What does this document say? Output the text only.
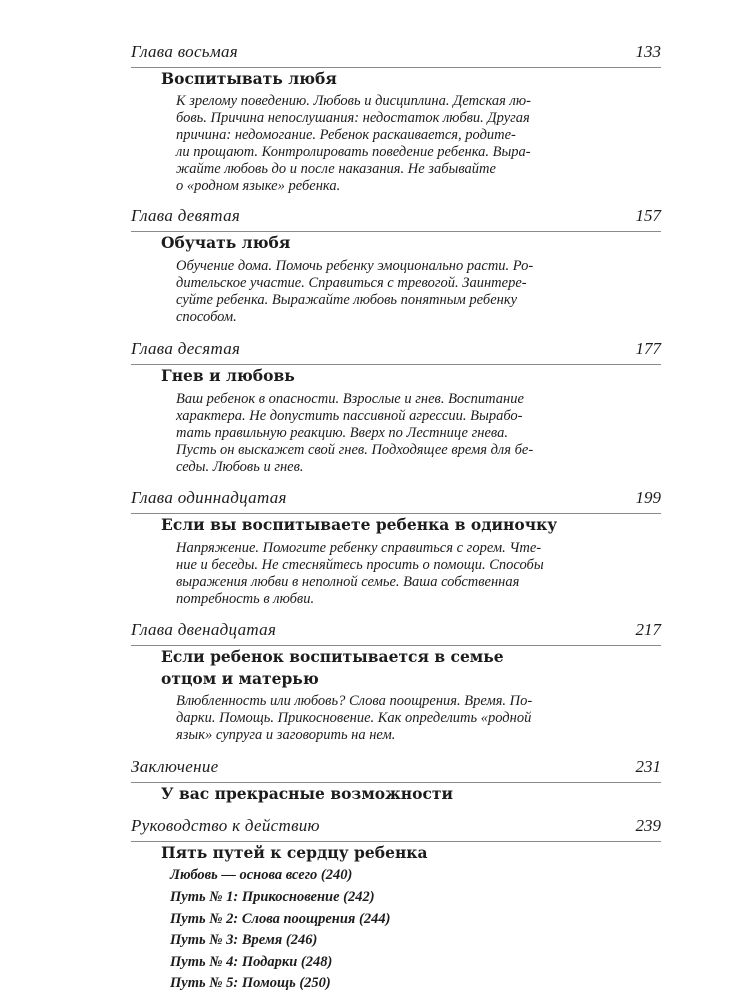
Глава восьмая	133
Воспитывать любя
К зрелому поведению. Любовь и дисциплина. Детская лю-
бовь. Причина непослушания: недостаток любви. Другая
причина: недомогание. Ребенок раскаивается, родите-
ли прощают. Контролировать поведение ребенка. Выра-
жайте любовь до и после наказания. Не забывайте
о «родном языке» ребенка.
Глава девятая	157
Обучать любя
Обучение дома. Помочь ребенку эмоционально расти. Ро-
дительское участие. Справиться с тревогой. Заинтере-
суйте ребенка. Выражайте любовь понятным ребенку
способом.
Глава десятая	177
Гнев и любовь
Ваш ребенок в опасности. Взрослые и гнев. Воспитание
характера. Не допустить пассивной агрессии. Вырабо-
тать правильную реакцию. Вверх по Лестнице гнева.
Пусть он выскажет свой гнев. Подходящее время для бе-
седы. Любовь и гнев.
Глава одиннадцатая	199
Если вы воспитываете ребенка в одиночку
Напряжение. Помогите ребенку справиться с горем. Чте-
ние и беседы. Не стесняйтесь просить о помощи. Способы
выражения любви в неполной семье. Ваша собственная
потребность в любви.
Глава двенадцатая	217
Если ребенок воспитывается в семье
отцом и матерью
Влюбленность или любовь? Слова поощрения. Время. По-
дарки. Помощь. Прикосновение. Как определить «родной
язык» супруга и заговорить на нем.
Заключение	231
У вас прекрасные возможности
Руководство к действию	239
Пять путей к сердцу ребенка
Любовь — основа всего (240)
Путь № 1: Прикосновение (242)
Путь № 2: Слова поощрения (244)
Путь № 3: Время (246)
Путь № 4: Подарки (248)
Путь № 5: Помощь (250)
